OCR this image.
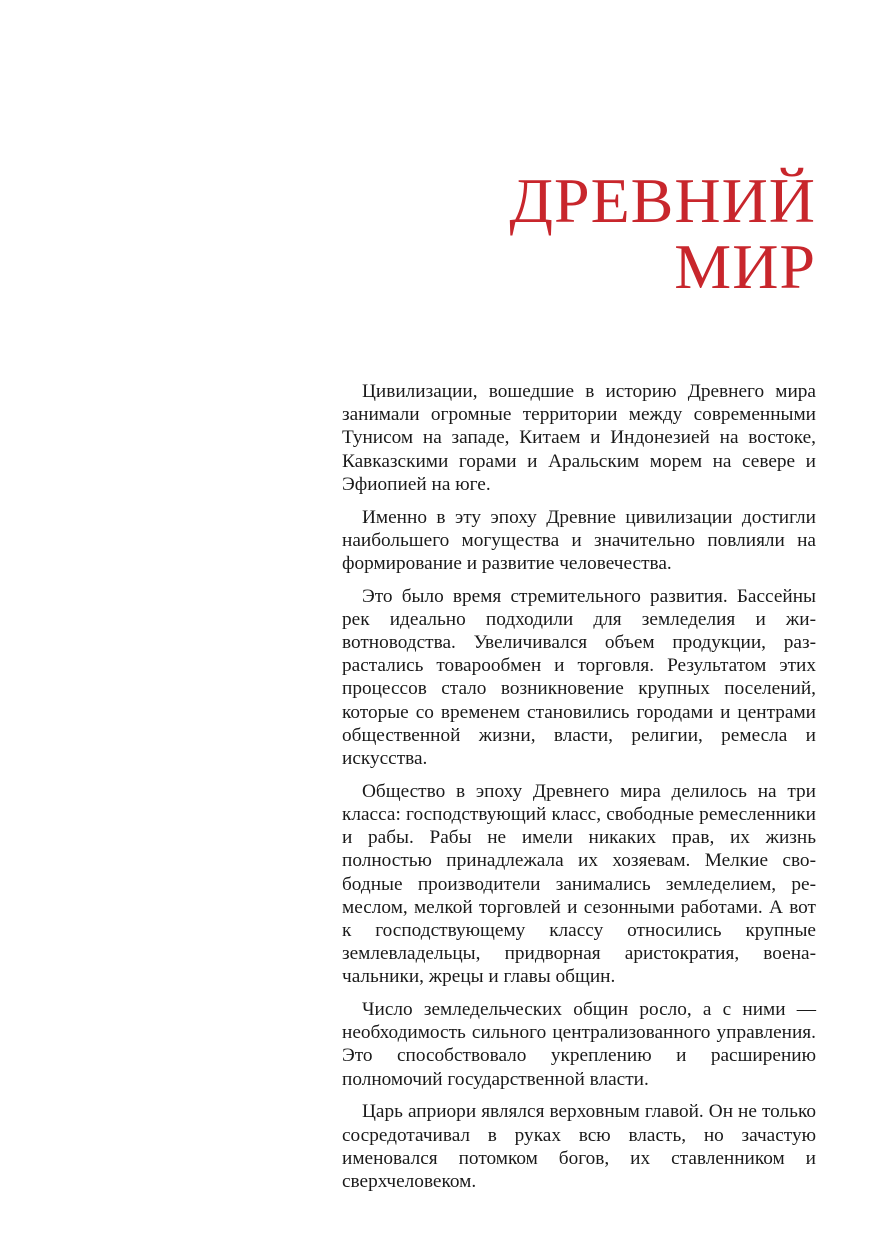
ДРЕВНИЙ
МИР

Цивилизации, вошедшие в историю Древнего мира занимали огромные территории между современными Тунисом на западе, Китаем и Индонезией на востоке, Кавказскими горами и Аральским морем на севере и Эфиопией на юге.

Именно в эту эпоху Древние цивилизации достигли наибольшего могущества и значительно повлияли на формирование и развитие человечества.

Это было время стремительного развития. Бассейны рек идеально подходили для земледелия и животноводства. Увеличивался объем продукции, разрастались товарообмен и торговля. Результатом этих процессов стало возникновение крупных поселений, которые со временем становились городами и центрами общественной жизни, власти, религии, ремесла и искусства.

Общество в эпоху Древнего мира делилось на три класса: господствующий класс, свободные ремесленники и рабы. Рабы не имели никаких прав, их жизнь полностью принадлежала их хозяевам. Мелкие свободные производители занимались земледелием, ремеслом, мелкой торговлей и сезонными работами. А вот к господствующему классу относились крупные землевладельцы, придворная аристократия, военачальники, жрецы и главы общин.

Число земледельческих общин росло, а с ними — необходимость сильного централизованного управления. Это способствовало укреплению и расширению полномочий государственной власти.

Царь априори являлся верховным главой. Он не только сосредотачивал в руках всю власть, но зачастую именовался потомком богов, их ставленником и сверхчеловеком.
